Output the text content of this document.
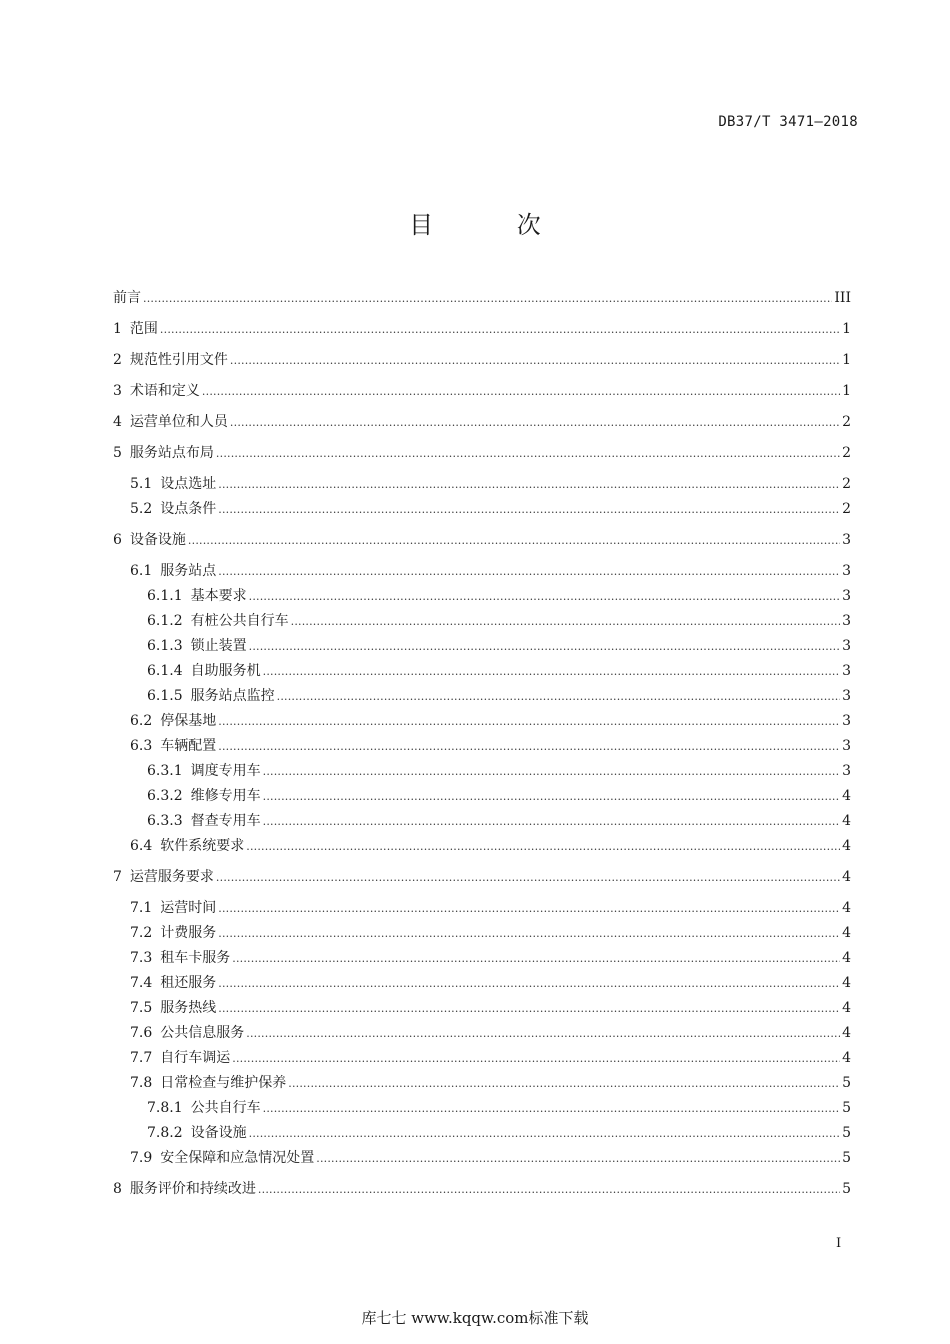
DB37/T 3471—2018
目 次
前言 .....	III
1 范围 .....	1
2 规范性引用文件 .....	1
3 术语和定义 .....	1
4 运营单位和人员 .....	2
5 服务站点布局 .....	2
5.1 设点选址 .....	2
5.2 设点条件 .....	2
6 设备设施 .....	3
6.1 服务站点 .....	3
6.1.1 基本要求 .....	3
6.1.2 有桩公共自行车 .....	3
6.1.3 锁止装置 .....	3
6.1.4 自助服务机 .....	3
6.1.5 服务站点监控 .....	3
6.2 停保基地 .....	3
6.3 车辆配置 .....	3
6.3.1 调度专用车 .....	3
6.3.2 维修专用车 .....	4
6.3.3 督查专用车 .....	4
6.4 软件系统要求 .....	4
7 运营服务要求 .....	4
7.1 运营时间 .....	4
7.2 计费服务 .....	4
7.3 租车卡服务 .....	4
7.4 租还服务 .....	4
7.5 服务热线 .....	4
7.6 公共信息服务 .....	4
7.7 自行车调运 .....	4
7.8 日常检查与维护保养 .....	5
7.8.1 公共自行车 .....	5
7.8.2 设备设施 .....	5
7.9 安全保障和应急情况处置 .....	5
8 服务评价和持续改进 .....	5
I
库七七 www.kqqw.com标准下载
